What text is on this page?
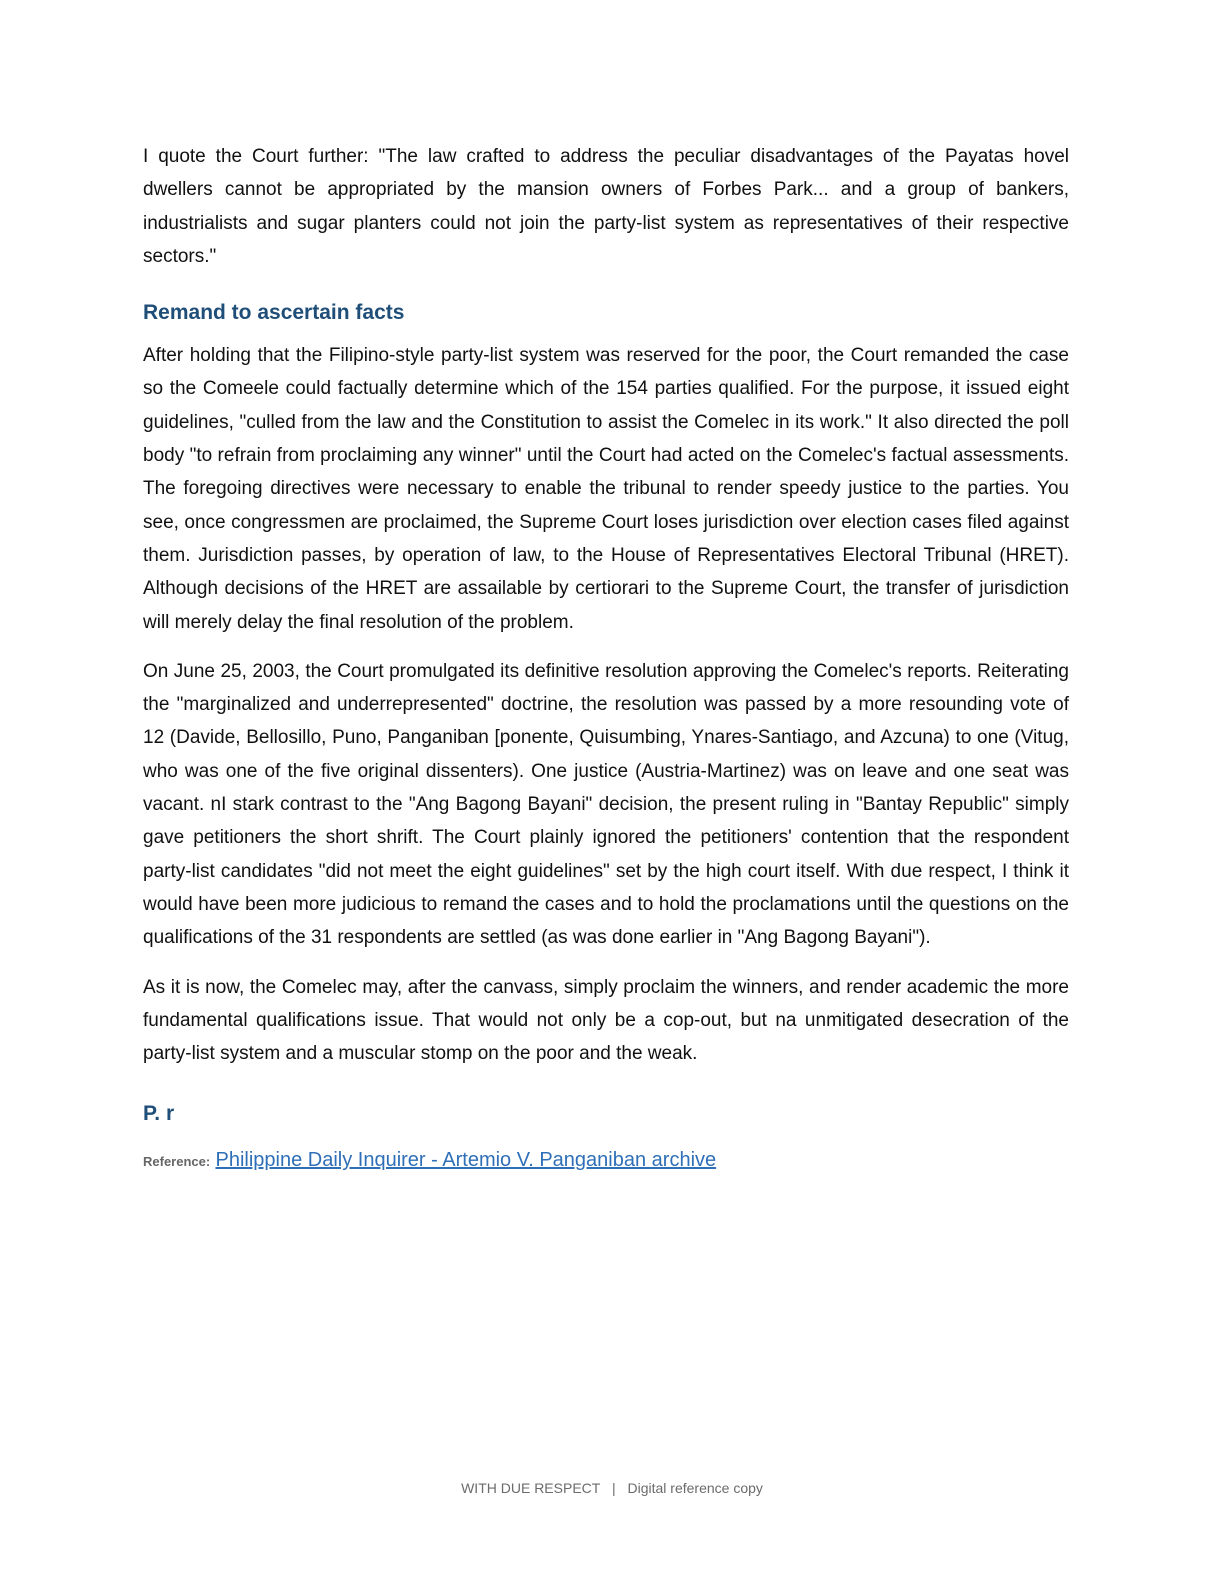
I quote the Court further: "The law crafted to address the peculiar disadvantages of the Payatas hovel dwellers cannot be appropriated by the mansion owners of Forbes Park... and a group of bankers, industrialists and sugar planters could not join the party-list system as representatives of their respective sectors."

Remand to ascertain facts

After holding that the Filipino-style party-list system was reserved for the poor, the Court remanded the case so the Comeele could factually determine which of the 154 parties qualified. For the purpose, it issued eight guidelines, "culled from the law and the Constitution to assist the Comelec in its work." It also directed the poll body "to refrain from proclaiming any winner" until the Court had acted on the Comelec's factual assessments. The foregoing directives were necessary to enable the tribunal to render speedy justice to the parties. You see, once congressmen are proclaimed, the Supreme Court loses jurisdiction over election cases filed against them. Jurisdiction passes, by operation of law, to the House of Representatives Electoral Tribunal (HRET). Although decisions of the HRET are assailable by certiorari to the Supreme Court, the transfer of jurisdiction will merely delay the final resolution of the problem.

On June 25, 2003, the Court promulgated its definitive resolution approving the Comelec's reports. Reiterating the "marginalized and underrepresented" doctrine, the resolution was passed by a more resounding vote of 12 (Davide, Bellosillo, Puno, Panganiban [ponente, Quisumbing, Ynares-Santiago, and Azcuna) to one (Vitug, who was one of the five original dissenters). One justice (Austria-Martinez) was on leave and one seat was vacant. nI stark contrast to the "Ang Bagong Bayani" decision, the present ruling in "Bantay Republic" simply gave petitioners the short shrift. The Court plainly ignored the petitioners' contention that the respondent party-list candidates "did not meet the eight guidelines" set by the high court itself. With due respect, I think it would have been more judicious to remand the cases and to hold the proclamations until the questions on the qualifications of the 31 respondents are settled (as was done earlier in "Ang Bagong Bayani").

As it is now, the Comelec may, after the canvass, simply proclaim the winners, and render academic the more fundamental qualifications issue. That would not only be a cop-out, but na unmitigated desecration of the party-list system and a muscular stomp on the poor and the weak.

P. r
Reference: Philippine Daily Inquirer - Artemio V. Panganiban archive
WITH DUE RESPECT | Digital reference copy
